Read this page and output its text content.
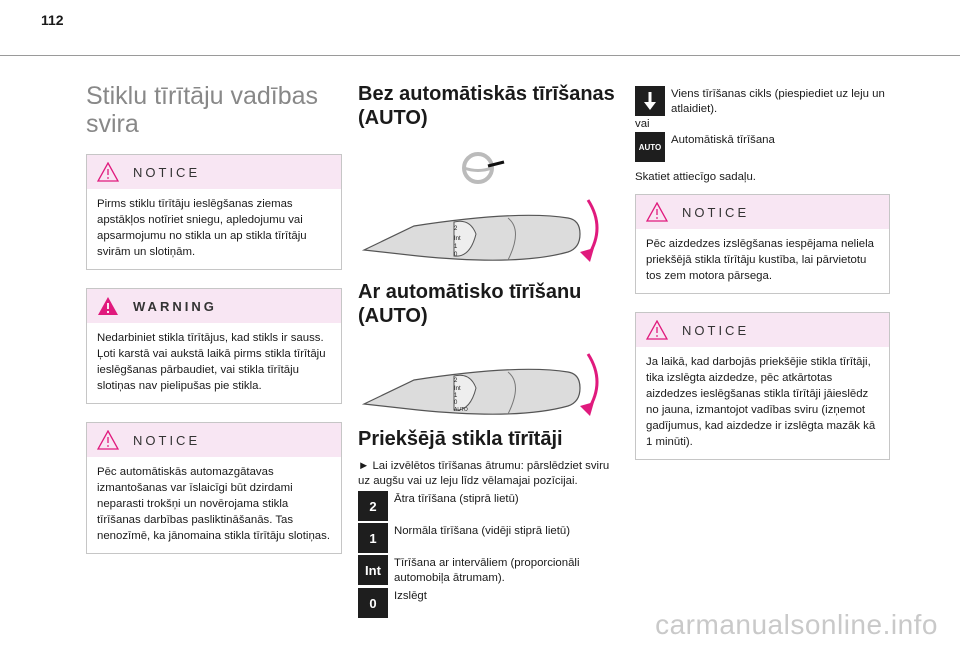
112
Stiklu tīrītāju vadības svira
NOTICE
Pirms stiklu tīrītāju ieslēgšanas ziemas apstākļos notīriet sniegu, apledojumu vai apsarmojumu no stikla un ap stikla tīrītāju svirām un slotiņām.
WARNING
Nedarbiniet stikla tīrītājus, kad stikls ir sauss. Ļoti karstā vai aukstā laikā pirms stikla tīrītāju ieslēgšanas pārbaudiet, vai stikla tīrītāju slotiņas nav pielipušas pie stikla.
NOTICE
Pēc automātiskās automazgātavas izmantošanas var īslaicīgi būt dzirdami neparasti trokšņi un novērojama stikla tīrīšanas darbības pasliktināšanās. Tas nenozīmē, ka jānomaina stikla tīrītāju slotiņas.
Bez automātiskās tīrīšanas (AUTO)
2
Int
1
0
Ar automātisko tīrīšanu (AUTO)
2
Int
1
0
AUTO
Priekšējā stikla tīrītāji
► Lai izvēlētos tīrīšanas ātrumu: pārslēdziet sviru uz augšu vai uz leju līdz vēlamajai pozīcijai.
2	Ātra tīrīšana (stiprā lietū)
1	Normāla tīrīšana (vidēji stiprā lietū)
Int	Tīrīšana ar intervāliem (proporcionāli automobiļa ātrumam).
0	Izslēgt
Viens tīrīšanas cikls (piespiediet uz leju un atlaidiet).
vai
AUTO
Automātiskā tīrīšana
Skatiet attiecīgo sadaļu.
NOTICE
Pēc aizdedzes izslēgšanas iespējama neliela priekšējā stikla tīrītāju kustība, lai pārvietotu tos zem motora pārsega.
NOTICE
Ja laikā, kad darbojās priekšējie stikla tīrītāji, tika izslēgta aizdedze, pēc atkārtotas aizdedzes ieslēgšanas stikla tīrītāji jāieslēdz no jauna, izmantojot vadības sviru (izņemot gadījumus, kad aizdedze ir izslēgta mazāk kā 1 minūti).
carmanualsonline.info
